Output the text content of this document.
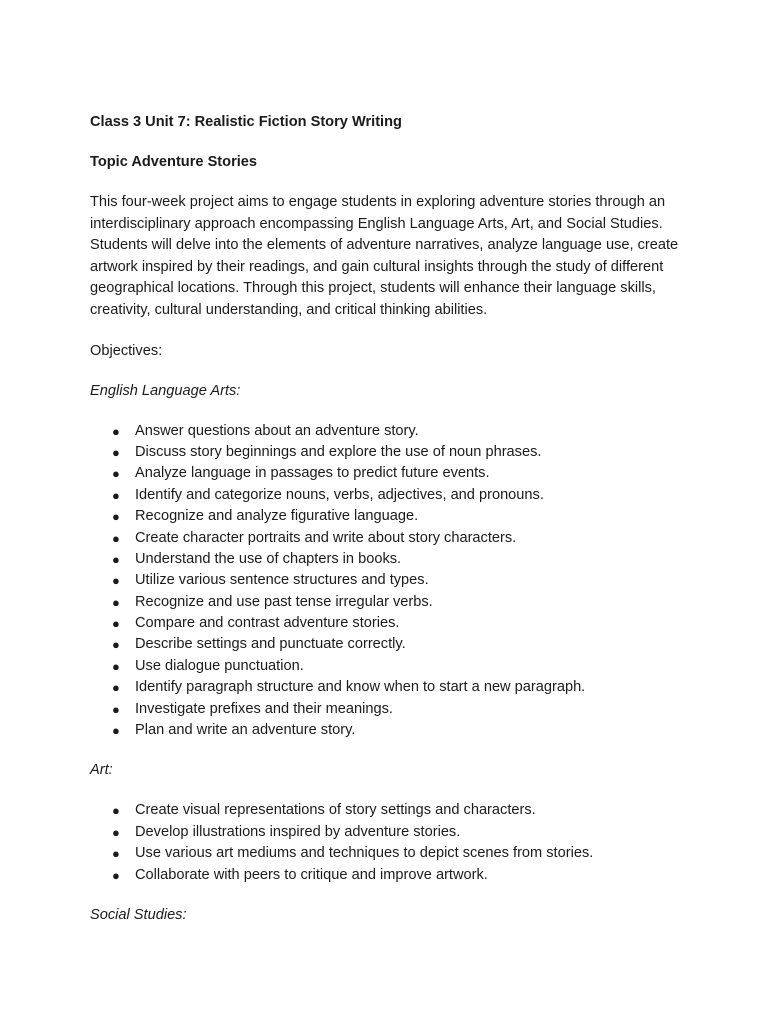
Class 3 Unit 7: Realistic Fiction Story Writing

Topic Adventure Stories

This four-week project aims to engage students in exploring adventure stories through an interdisciplinary approach encompassing English Language Arts, Art, and Social Studies. Students will delve into the elements of adventure narratives, analyze language use, create artwork inspired by their readings, and gain cultural insights through the study of different geographical locations. Through this project, students will enhance their language skills, creativity, cultural understanding, and critical thinking abilities.

Objectives:

English Language Arts:

● Answer questions about an adventure story.
● Discuss story beginnings and explore the use of noun phrases.
● Analyze language in passages to predict future events.
● Identify and categorize nouns, verbs, adjectives, and pronouns.
● Recognize and analyze figurative language.
● Create character portraits and write about story characters.
● Understand the use of chapters in books.
● Utilize various sentence structures and types.
● Recognize and use past tense irregular verbs.
● Compare and contrast adventure stories.
● Describe settings and punctuate correctly.
● Use dialogue punctuation.
● Identify paragraph structure and know when to start a new paragraph.
● Investigate prefixes and their meanings.
● Plan and write an adventure story.

Art:

● Create visual representations of story settings and characters.
● Develop illustrations inspired by adventure stories.
● Use various art mediums and techniques to depict scenes from stories.
● Collaborate with peers to critique and improve artwork.

Social Studies:
